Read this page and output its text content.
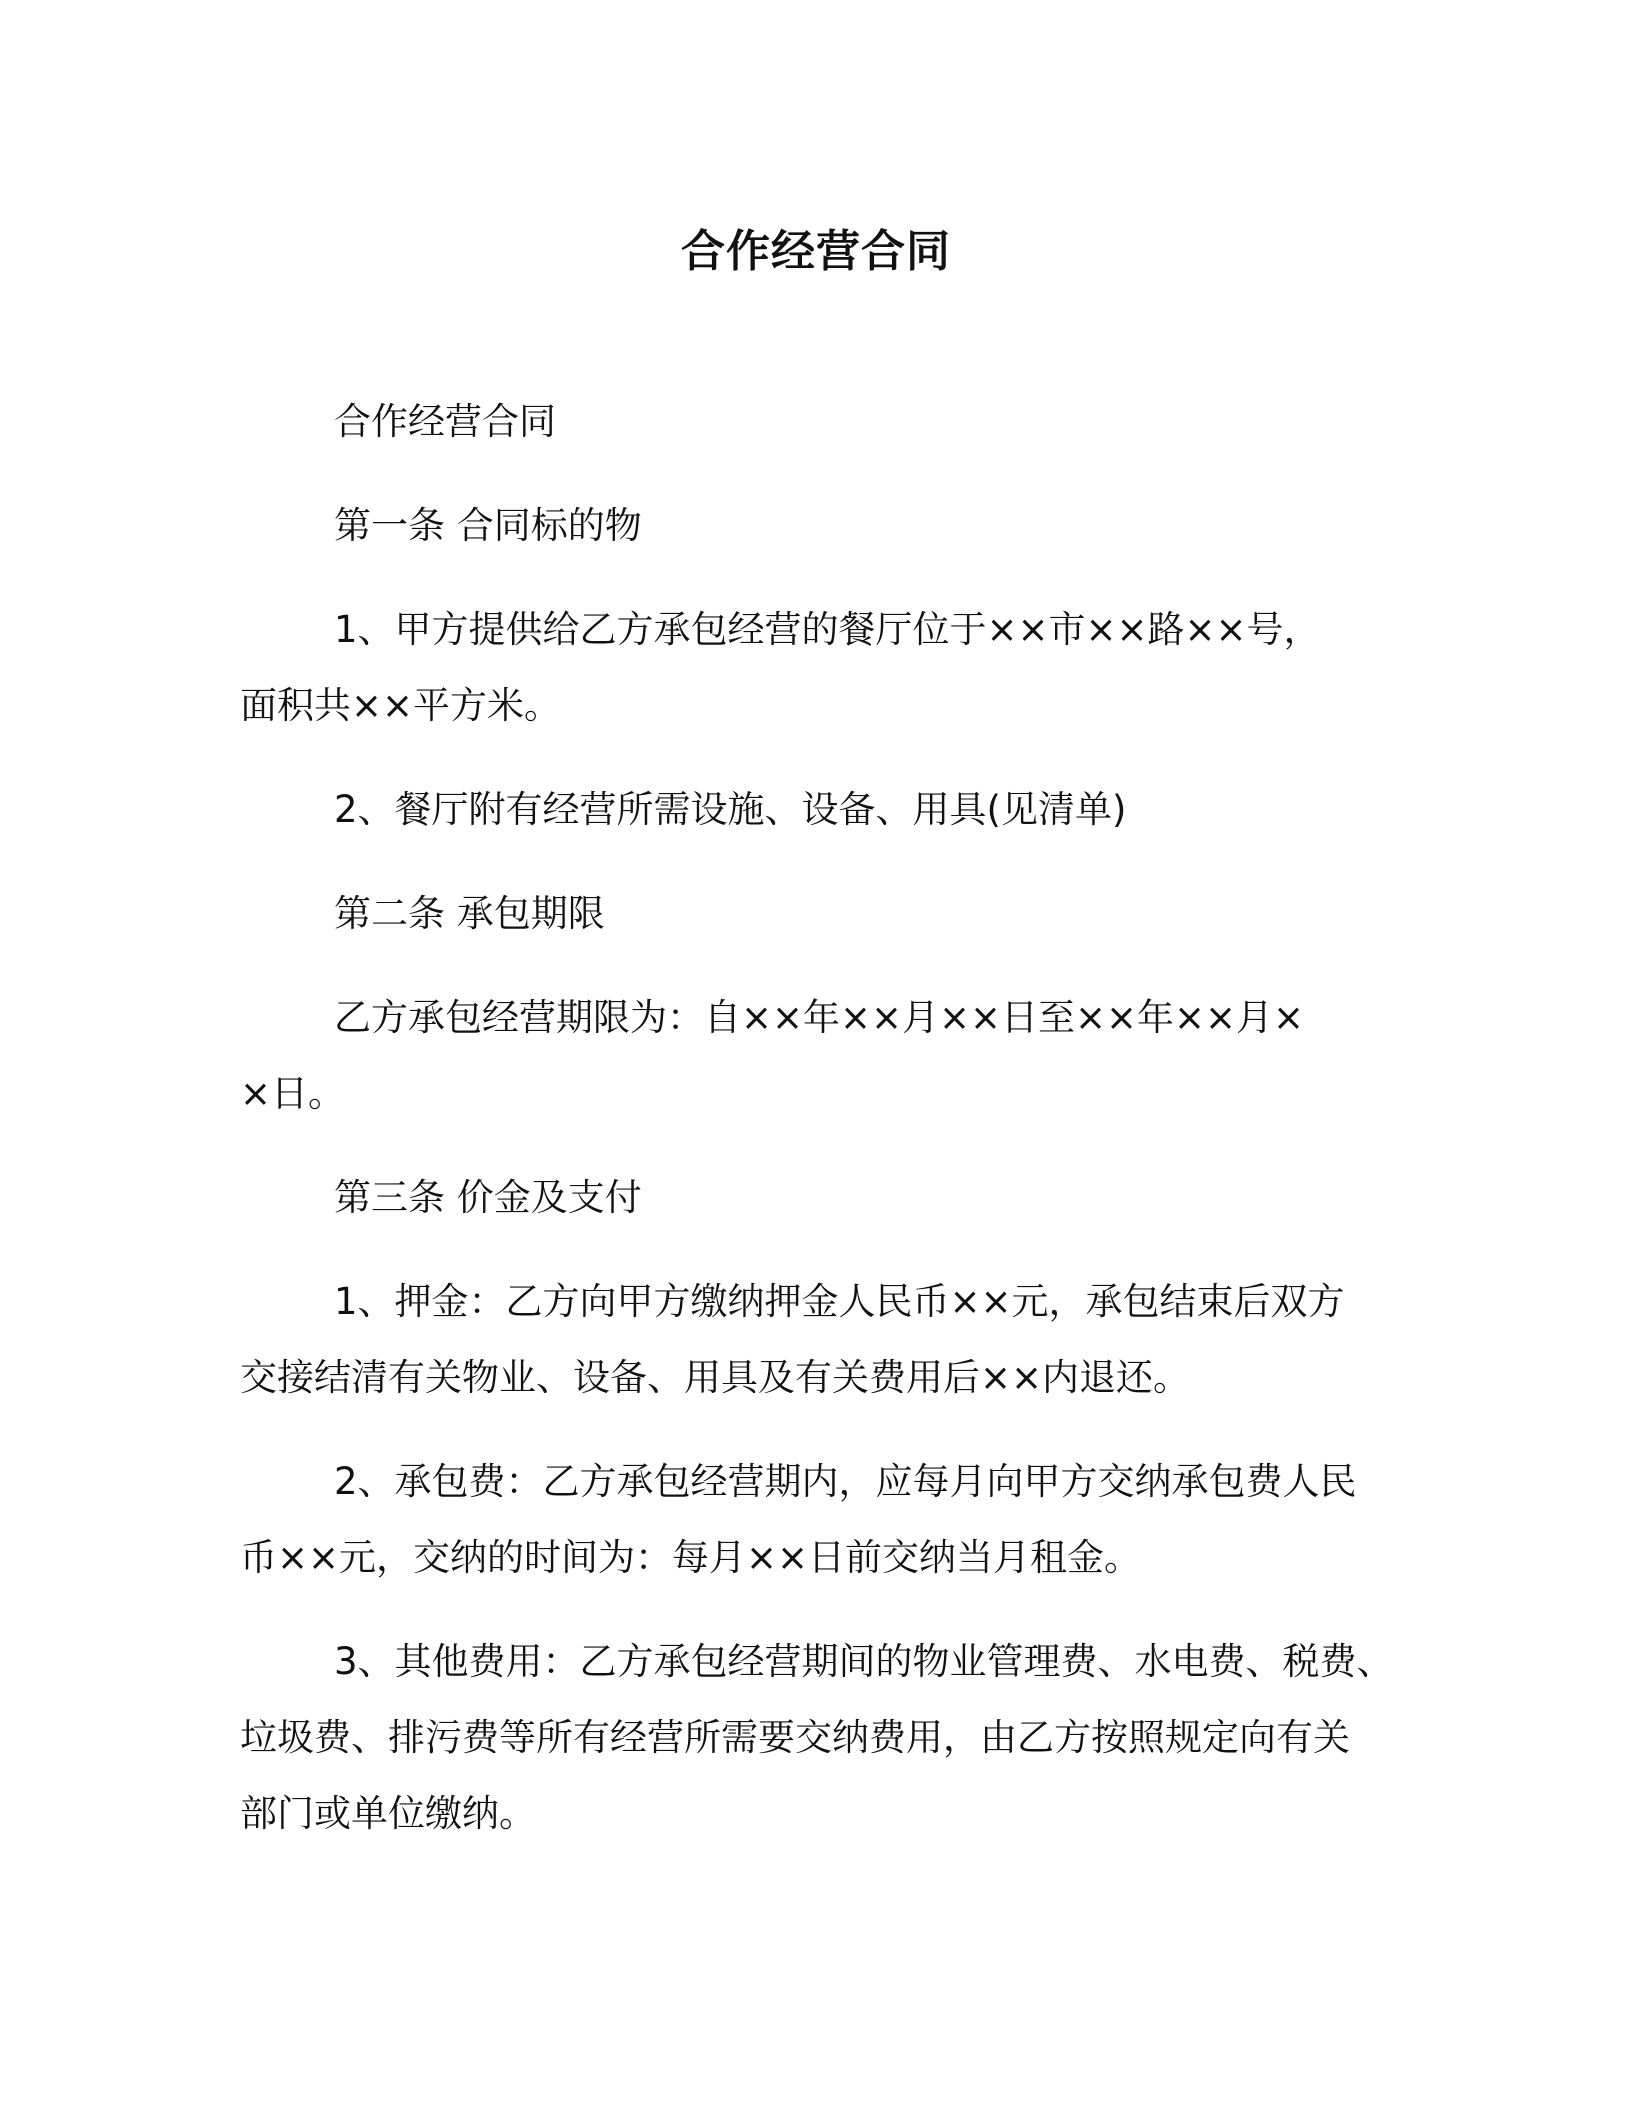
合作经营合同
合作经营合同
第一条 合同标的物
1、甲方提供给乙方承包经营的餐厅位于××市××路××号，
面积共××平方米。
2、餐厅附有经营所需设施、设备、用具(见清单)
第二条 承包期限
乙方承包经营期限为：自××年××月××日至××年××月×
×日。
第三条 价金及支付
1、押金：乙方向甲方缴纳押金人民币××元，承包结束后双方
交接结清有关物业、设备、用具及有关费用后××内退还。
2、承包费：乙方承包经营期内，应每月向甲方交纳承包费人民
币××元，交纳的时间为：每月××日前交纳当月租金。
3、其他费用：乙方承包经营期间的物业管理费、水电费、税费、
垃圾费、排污费等所有经营所需要交纳费用，由乙方按照规定向有关
部门或单位缴纳。
